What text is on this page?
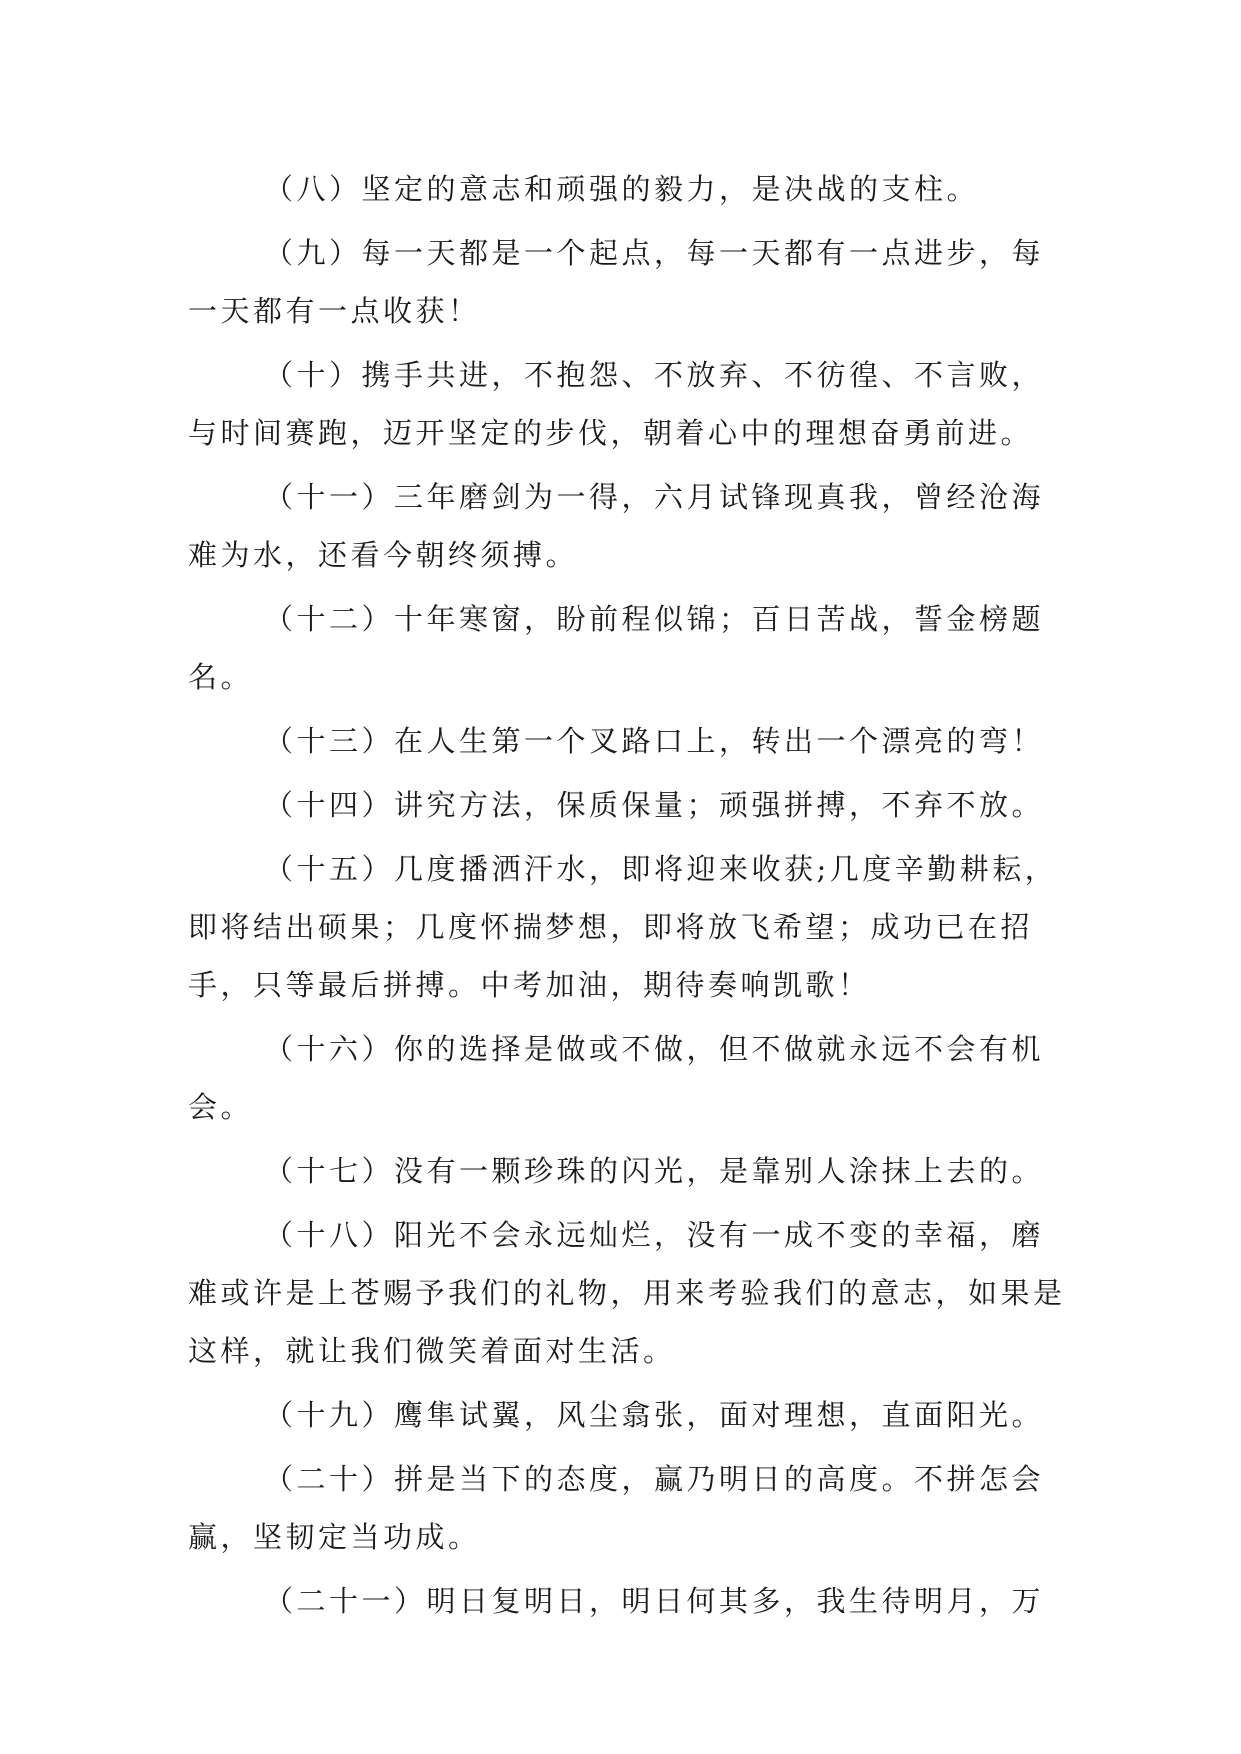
（八）坚定的意志和顽强的毅力，是决战的支柱。

（九）每一天都是一个起点，每一天都有一点进步，每一天都有一点收获！

（十）携手共进，不抱怨、不放弃、不彷徨、不言败，与时间赛跑，迈开坚定的步伐，朝着心中的理想奋勇前进。

（十一）三年磨剑为一得，六月试锋现真我，曾经沧海难为水，还看今朝终须搏。

（十二）十年寒窗，盼前程似锦；百日苦战，誓金榜题名。

（十三）在人生第一个叉路口上，转出一个漂亮的弯！

（十四）讲究方法，保质保量；顽强拼搏，不弃不放。

（十五）几度播洒汗水，即将迎来收获;几度辛勤耕耘，即将结出硕果；几度怀揣梦想，即将放飞希望；成功已在招手，只等最后拼搏。中考加油，期待奏响凯歌！

（十六）你的选择是做或不做，但不做就永远不会有机会。

（十七）没有一颗珍珠的闪光，是靠别人涂抹上去的。

（十八）阳光不会永远灿烂，没有一成不变的幸福，磨难或许是上苍赐予我们的礼物，用来考验我们的意志，如果是这样，就让我们微笑着面对生活。

（十九）鹰隼试翼，风尘翕张，面对理想，直面阳光。

（二十）拼是当下的态度，赢乃明日的高度。不拼怎会赢，坚韧定当功成。

（二十一）明日复明日，明日何其多，我生待明月，万
